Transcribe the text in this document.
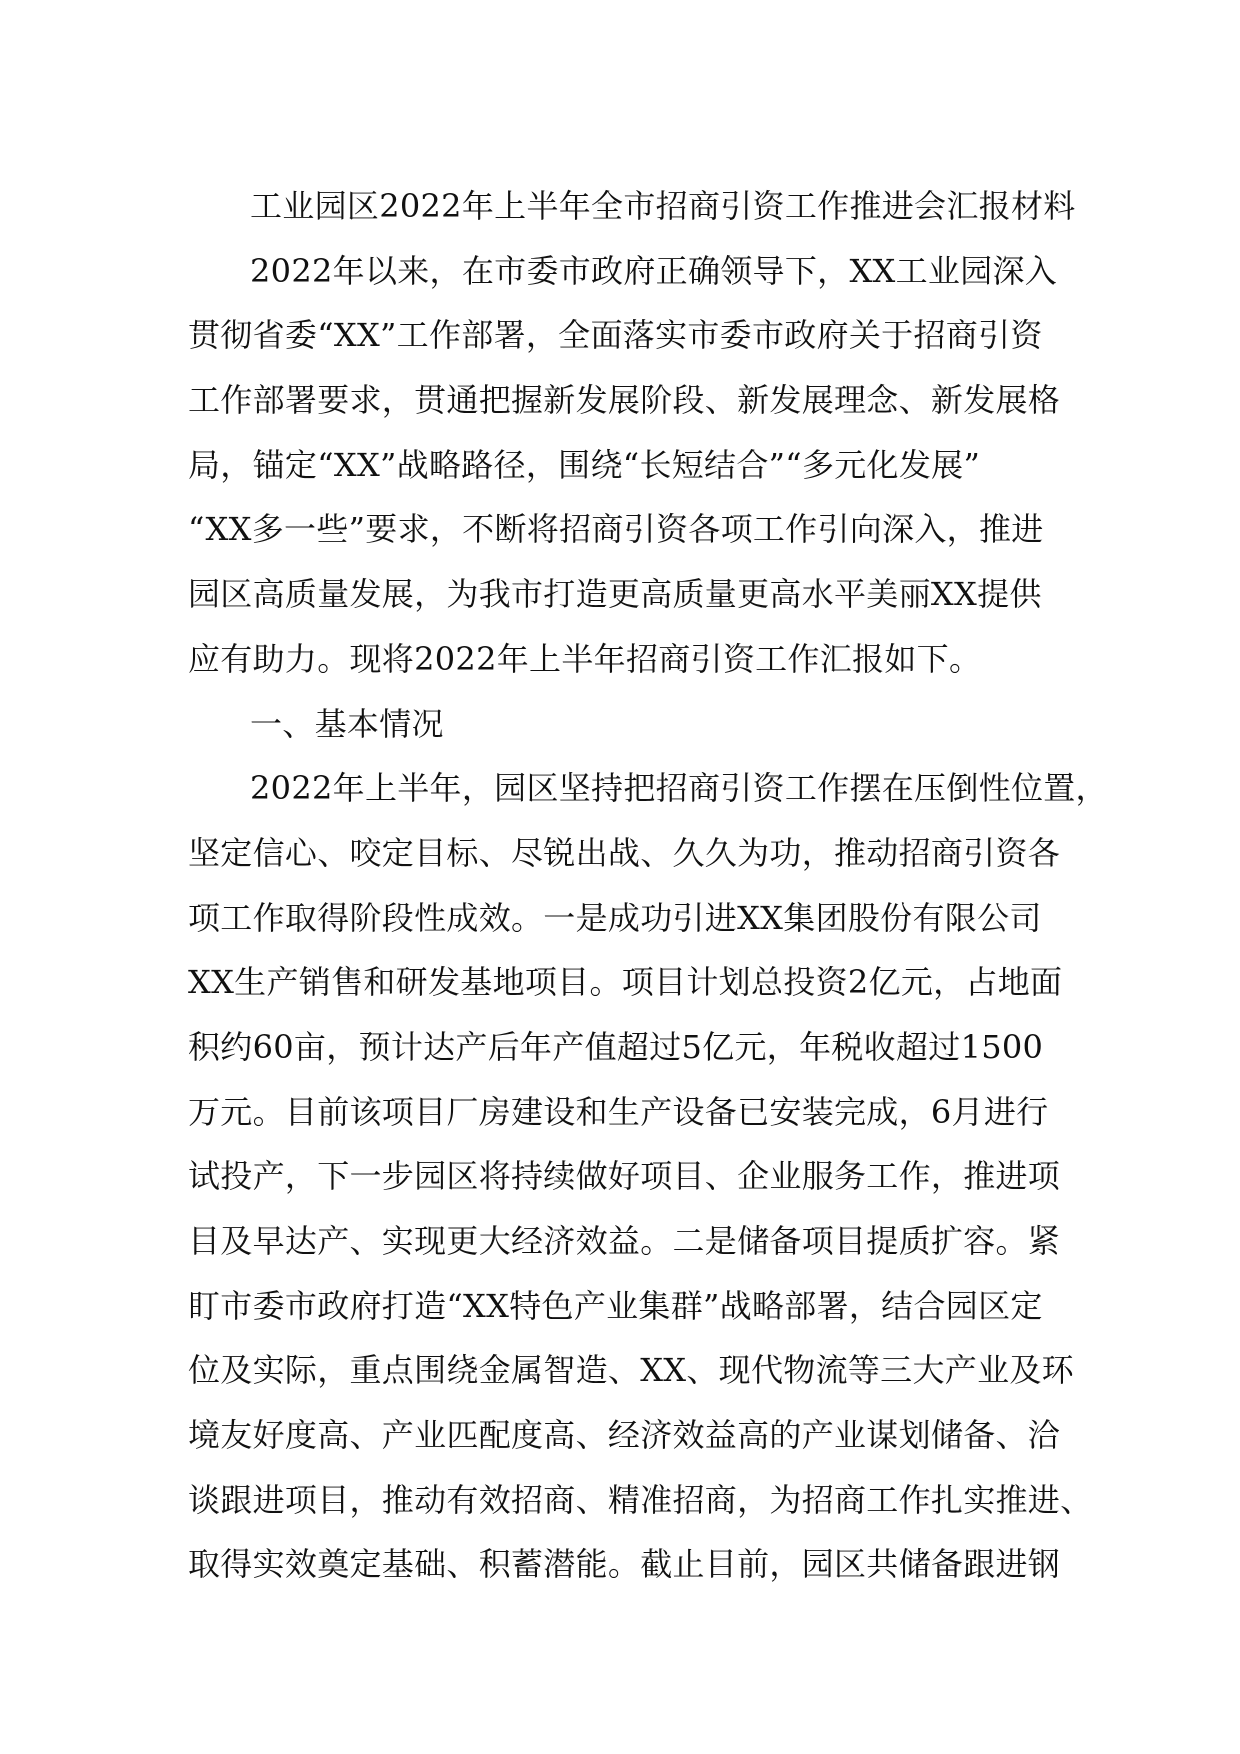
工业园区2022年上半年全市招商引资工作推进会汇报材料
2022年以来，在市委市政府正确领导下，XX工业园深入
贯彻省委“XX”工作部署，全面落实市委市政府关于招商引资
工作部署要求，贯通把握新发展阶段、新发展理念、新发展格
局，锚定“XX”战略路径，围绕“长短结合”“多元化发展”
“XX多一些”要求，不断将招商引资各项工作引向深入，推进
园区高质量发展，为我市打造更高质量更高水平美丽XX提供
应有助力。现将2022年上半年招商引资工作汇报如下。
一、基本情况
2022年上半年，园区坚持把招商引资工作摆在压倒性位置，
坚定信心、咬定目标、尽锐出战、久久为功，推动招商引资各
项工作取得阶段性成效。一是成功引进XX集团股份有限公司
XX生产销售和研发基地项目。项目计划总投资2亿元，占地面
积约60亩，预计达产后年产值超过5亿元，年税收超过1500
万元。目前该项目厂房建设和生产设备已安装完成，6月进行
试投产，下一步园区将持续做好项目、企业服务工作，推进项
目及早达产、实现更大经济效益。二是储备项目提质扩容。紧
盯市委市政府打造“XX特色产业集群”战略部署，结合园区定
位及实际，重点围绕金属智造、XX、现代物流等三大产业及环
境友好度高、产业匹配度高、经济效益高的产业谋划储备、洽
谈跟进项目，推动有效招商、精准招商，为招商工作扎实推进、
取得实效奠定基础、积蓄潜能。截止目前，园区共储备跟进钢
